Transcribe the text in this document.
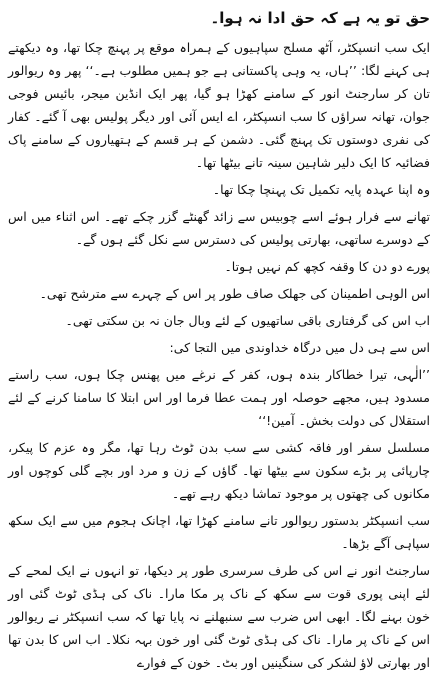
حق تو یہ ہے کہ حق ادا نہ ہوا۔

ایک سب انسپکٹر، آٹھ مسلح سپاہیوں کے ہمراہ موقع پر پہنچ چکا تھا، وہ دیکھتے ہی کہنے لگا: ’’ہاں، یہ وہی پاکستانی ہے جو ہمیں مطلوب ہے۔‘‘ پھر وہ ریوالور تان کر سارجنٹ انور کے سامنے کھڑا ہو گیا، پھر ایک انڈین میجر، بائیس فوجی جوان، تھانہ سراؤں کا سب انسپکٹر، اے ایس آئی اور دیگر پولیس بھی آ گئے۔ کفار کی نفری دوستوں تک پہنچ گئی۔ دشمن کے ہر قسم کے ہتھیاروں کے سامنے پاک فضائیہ کا ایک دلیر شاہین سینہ تانے بیٹھا تھا۔

وہ اپنا عہدہ پایہ تکمیل تک پہنچا چکا تھا۔

تھانے سے فرار ہوئے اسے چوبیس سے زائد گھنٹے گزر چکے تھے۔ اس اثناء میں اس کے دوسرے ساتھی، بھارتی پولیس کی دسترس سے نکل گئے ہوں گے۔

پورے دو دن کا وقفہ کچھ کم نہیں ہوتا۔

اس الوہی اطمینان کی جھلک صاف طور پر اس کے چہرے سے مترشح تھی۔

اب اس کی گرفتاری باقی ساتھیوں کے لئے وبال جان نہ بن سکتی تھی۔

اس سے ہی دل میں درگاہ خداوندی میں التجا کی:

’’الٰہی، تیرا خطاکار بندہ ہوں، کفر کے نرغے میں پھنس چکا ہوں، سب راستے مسدود ہیں، مجھے حوصلہ اور ہمت عطا فرما اور اس ابتلا کا سامنا کرنے کے لئے استقلال کی دولت بخش۔ آمین!‘‘

مسلسل سفر اور فاقہ کشی سے سب بدن ٹوٹ رہا تھا، مگر وہ عزم کا پیکر، چارپائی پر بڑے سکون سے بیٹھا تھا۔ گاؤں کے زن و مرد اور بچے گلی کوچوں اور مکانوں کی چھتوں پر موجود تماشا دیکھ رہے تھے۔

سب انسپکٹر بدستور ریوالور تانے سامنے کھڑا تھا، اچانک ہجوم میں سے ایک سکھ سپاہی آگے بڑھا۔

سارجنٹ انور نے اس کی طرف سرسری طور پر دیکھا، تو انہوں نے ایک لمحے کے لئے اپنی پوری قوت سے سکھ کے ناک پر مکا مارا۔ ناک کی ہڈی ٹوٹ گئی اور خون بہنے لگا۔ ابھی اس ضرب سے سنبھلنے نہ پایا تھا کہ سب انسپکٹر نے ریوالور اس کے ناک پر مارا۔ ناک کی ہڈی ٹوٹ گئی اور خون بہہ نکلا۔ اب اس کا بدن تھا اور بھارتی لاؤ لشکر کی سنگینیں اور بٹ۔ خون کے فوارے
